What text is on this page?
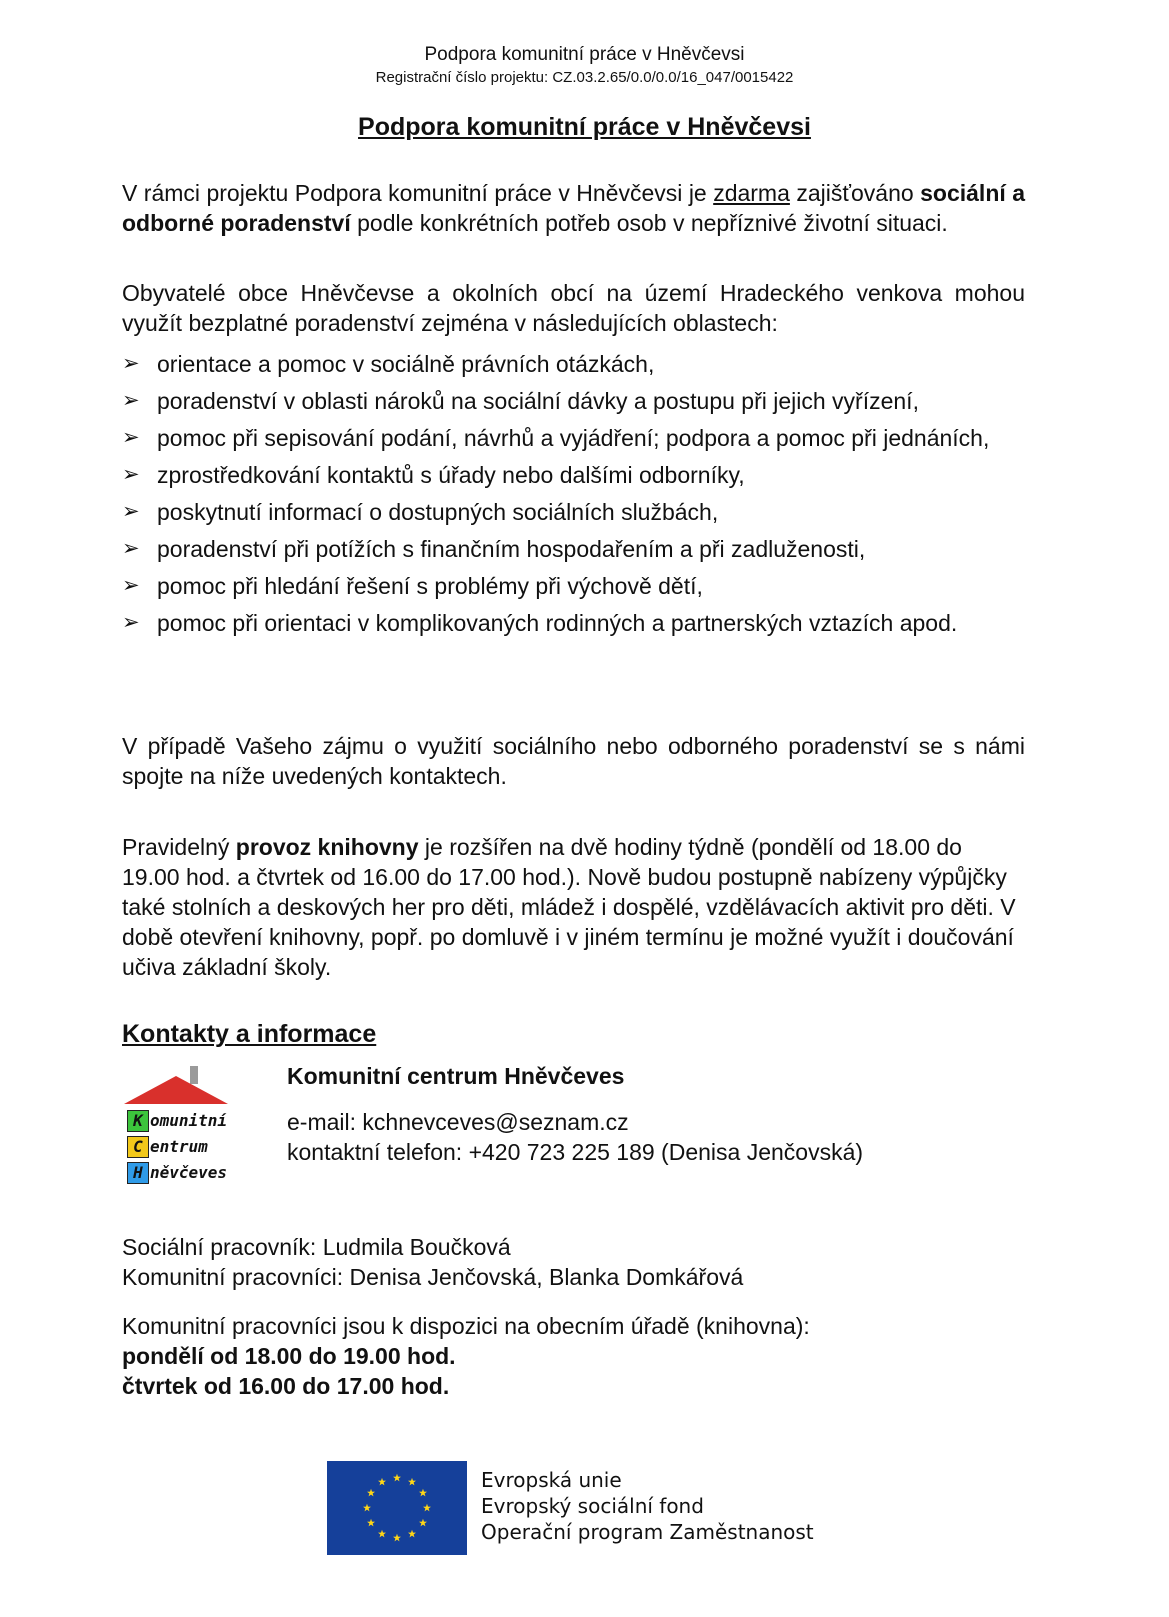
Podpora komunitní práce v Hněvčevsi
Registrační číslo projektu: CZ.03.2.65/0.0/0.0/16_047/0015422
Podpora komunitní práce v Hněvčevsi
V rámci projektu Podpora komunitní práce v Hněvčevsi je zdarma zajišťováno sociální a odborné poradenství podle konkrétních potřeb osob v nepříznivé životní situaci.
Obyvatelé obce Hněvčevse a okolních obcí na území Hradeckého venkova mohou využít bezplatné poradenství zejména v následujících oblastech:
➢ orientace a pomoc v sociálně právních otázkách,
➢ poradenství v oblasti nároků na sociální dávky a postupu při jejich vyřízení,
➢ pomoc při sepisování podání, návrhů a vyjádření; podpora a pomoc při jednáních,
➢ zprostředkování kontaktů s úřady nebo dalšími odborníky,
➢ poskytnutí informací o dostupných sociálních službách,
➢ poradenství při potížích s finančním hospodařením a při zadluženosti,
➢ pomoc při hledání řešení s problémy při výchově dětí,
➢ pomoc při orientaci v komplikovaných rodinných a partnerských vztazích apod.
V případě Vašeho zájmu o využití sociálního nebo odborného poradenství se s námi spojte na níže uvedených kontaktech.
Pravidelný provoz knihovny je rozšířen na dvě hodiny týdně (pondělí od 18.00 do 19.00 hod. a čtvrtek od 16.00 do 17.00 hod.). Nově budou postupně nabízeny výpůjčky také stolních a deskových her pro děti, mládež i dospělé, vzdělávacích aktivit pro děti. V době otevření knihovny, popř. po domluvě i v jiném termínu je možné využít i doučování učiva základní školy.
Kontakty a informace
K omunitní
C entrum
H něvčeves
Komunitní centrum Hněvčeves
e-mail: kchnevceves@seznam.cz
kontaktní telefon: +420 723 225 189 (Denisa Jenčovská)
Sociální pracovník: Ludmila Boučková
Komunitní pracovníci: Denisa Jenčovská, Blanka Domkářová
Komunitní pracovníci jsou k dispozici na obecním úřadě (knihovna):
pondělí od 18.00 do 19.00 hod.
čtvrtek od 16.00 do 17.00 hod.
Evropská unie
Evropský sociální fond
Operační program Zaměstnanost
